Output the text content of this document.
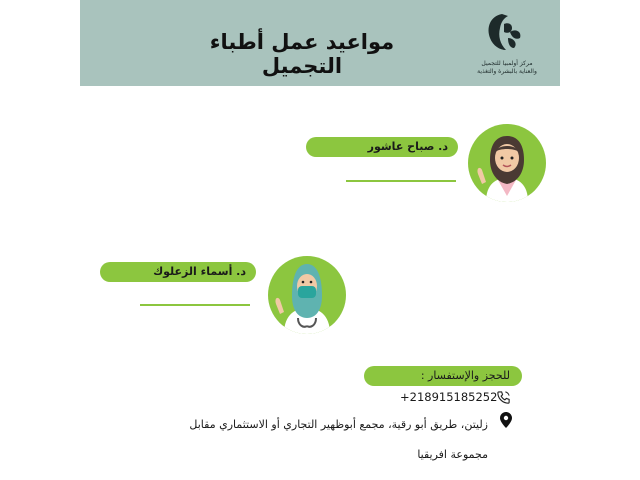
مواعيد عمل أطباء التجميل	مركز أولمبيا للتجميل
والعناية بالبشرة والتغذية
د. صباح عاشور
د. أسماء الزعلوك
للحجز والإستفسار :
+218915185252
زليتن، طريق أبو رقية، مجمع أبوظهير التجاري أو الاستثماري مقابل
مجموعة افريقيا
